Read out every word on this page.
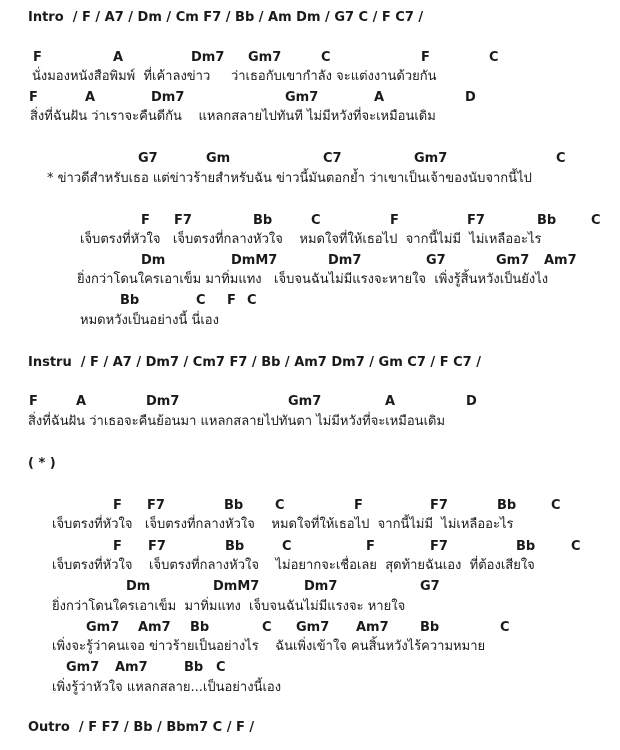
Intro  / F / A7 / Dm / Cm F7 / Bb / Am Dm / G7 C / F C7 /
F	A	Dm7 Gm7	C	F	C
นั่งมองหนังสือพิมพ์  ที่เค้าลงข่าว     ว่าเธอกับเขากำลัง จะแต่งงานด้วยกัน
F	A	Dm7	Gm7	A	D
สิ่งที่ฉันฝัน ว่าเราจะคืนดีกัน    แหลกสลายไปทันที ไม่มีหวังที่จะเหมือนเดิม
G7	Gm	C7	Gm7	C
* ข่าวดีสำหรับเธอ แต่ข่าวร้ายสำหรับฉัน ข่าวนี้มันตอกย้ำ ว่าเขาเป็นเจ้าของนับจากนี้ไป
F F7	Bb	C	F	F7	Bb	C
เจ็บตรงที่หัวใจ   เจ็บตรงที่กลางหัวใจ    หมดใจที่ให้เธอไป  จากนี้ไม่มี  ไม่เหลืออะไร
Dm	DmM7	Dm7	G7	Gm7 Am7
ยิ่งกว่าโดนใครเอาเข็ม มาทิ่มแทง   เจ็บจนฉันไม่มีแรงจะหายใจ  เพิ่งรู้สิ้นหวังเป็นยังไง
Bb	C F C
หมดหวังเป็นอย่างนี้ นี่เอง
Instru  / F / A7 / Dm7 / Cm7 F7 / Bb / Am7 Dm7 / Gm C7 / F C7 /
F	A	Dm7	Gm7	A	D
สิ่งที่ฉันฝัน ว่าเธอจะคืนย้อนมา แหลกสลายไปทันตา ไม่มีหวังที่จะเหมือนเดิม
( * )
F F7	Bb C	F	F7	Bb	C
เจ็บตรงที่หัวใจ   เจ็บตรงที่กลางหัวใจ    หมดใจที่ให้เธอไป  จากนี้ไม่มี  ไม่เหลืออะไร
F F7	Bb	C	F	F7	Bb	C
เจ็บตรงที่หัวใจ    เจ็บตรงที่กลางหัวใจ    ไม่อยากจะเชื่อเลย  สุดท้ายฉันเอง  ที่ต้องเสียใจ
Dm	DmM7	Dm7	G7
ยิ่งกว่าโดนใครเอาเข็ม  มาทิ่มแทง  เจ็บจนฉันไม่มีแรงจะ หายใจ
Gm7 Am7 Bb	C Gm7 Am7 Bb	C
เพิ่งจะรู้ว่าคนเจอ ข่าวร้ายเป็นอย่างไร    ฉันเพิ่งเข้าใจ คนสิ้นหวังไร้ความหมาย
Gm7 Am7	Bb C
เพิ่งรู้ว่าหัวใจ แหลกสลาย...เป็นอย่างนี้เอง
Outro  / F F7 / Bb / Bbm7 C / F /
